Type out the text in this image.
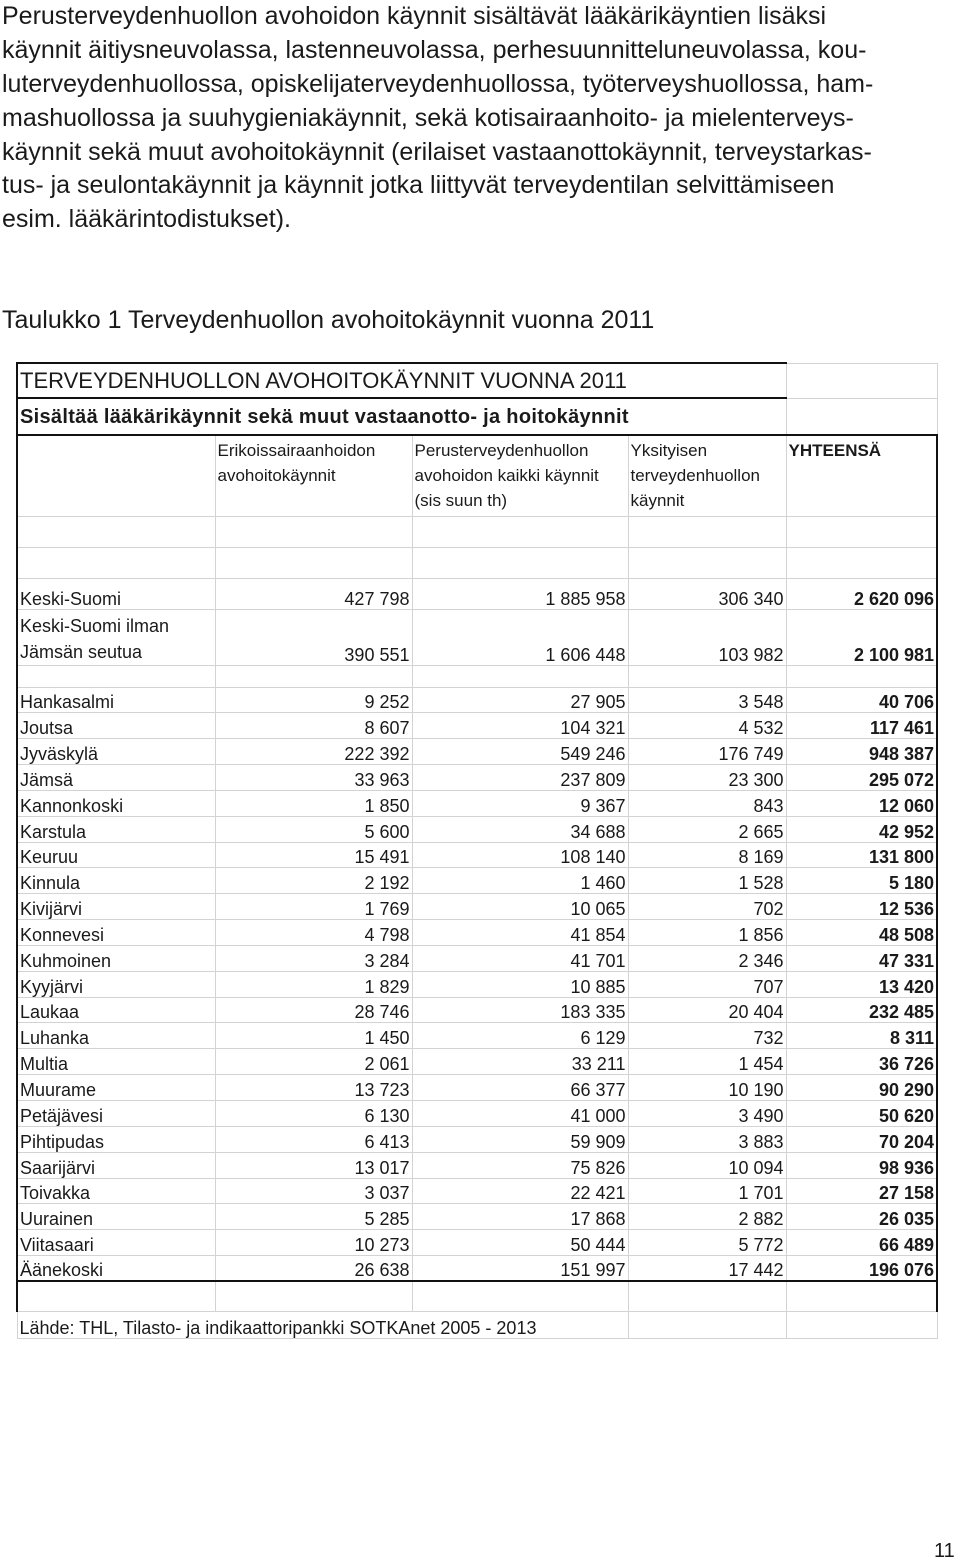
Perusterveydenhuollon avohoidon käynnit sisältävät lääkärikäyntien lisäksi
käynnit äitiysneuvolassa, lastenneuvolassa, perhesuunnitteluneuvolassa, kou-
luterveydenhuollossa, opiskelijaterveydenhuollossa, työterveyshuollossa, ham-
mashuollossa ja suuhygieniakäynnit, sekä kotisairaanhoito- ja mielenterveys-
käynnit sekä muut avohoitokäynnit (erilaiset vastaanottokäynnit, terveystarkas-
tus- ja seulontakäynnit ja käynnit jotka liittyvät terveydentilan selvittämiseen
esim. lääkärintodistukset).
Taulukko 1 Terveydenhuollon avohoitokäynnit vuonna 2011
TERVEYDENHUOLLON AVOHOITOKÄYNNIT VUONNA 2011				
Sisältää lääkärikäynnit sekä muut vastaanotto- ja hoitokäynnit				
	Erikoissairaanhoidon avohoitokäynnit	Perusterveydenhuollon avohoidon kaikki käynnit (sis suun th)	Yksityisen terveydenhuollon käynnit	YHTEENSÄ

Keski-Suomi	427 798	1 885 958	306 340	2 620 096
Keski-Suomi ilman Jämsän seutua	390 551	1 606 448	103 982	2 100 981

Hankasalmi	9 252	27 905	3 548	40 706
Joutsa	8 607	104 321	4 532	117 461
Jyväskylä	222 392	549 246	176 749	948 387
Jämsä	33 963	237 809	23 300	295 072
Kannonkoski	1 850	9 367	843	12 060
Karstula	5 600	34 688	2 665	42 952
Keuruu	15 491	108 140	8 169	131 800
Kinnula	2 192	1 460	1 528	5 180
Kivijärvi	1 769	10 065	702	12 536
Konnevesi	4 798	41 854	1 856	48 508
Kuhmoinen	3 284	41 701	2 346	47 331
Kyyjärvi	1 829	10 885	707	13 420
Laukaa	28 746	183 335	20 404	232 485
Luhanka	1 450	6 129	732	8 311
Multia	2 061	33 211	1 454	36 726
Muurame	13 723	66 377	10 190	90 290
Petäjävesi	6 130	41 000	3 490	50 620
Pihtipudas	6 413	59 909	3 883	70 204
Saarijärvi	13 017	75 826	10 094	98 936
Toivakka	3 037	22 421	1 701	27 158
Uurainen	5 285	17 868	2 882	26 035
Viitasaari	10 273	50 444	5 772	66 489
Äänekoski	26 638	151 997	17 442	196 076

Lähde: THL, Tilasto- ja indikaattoripankki SOTKAnet 2005 - 2013				
11
